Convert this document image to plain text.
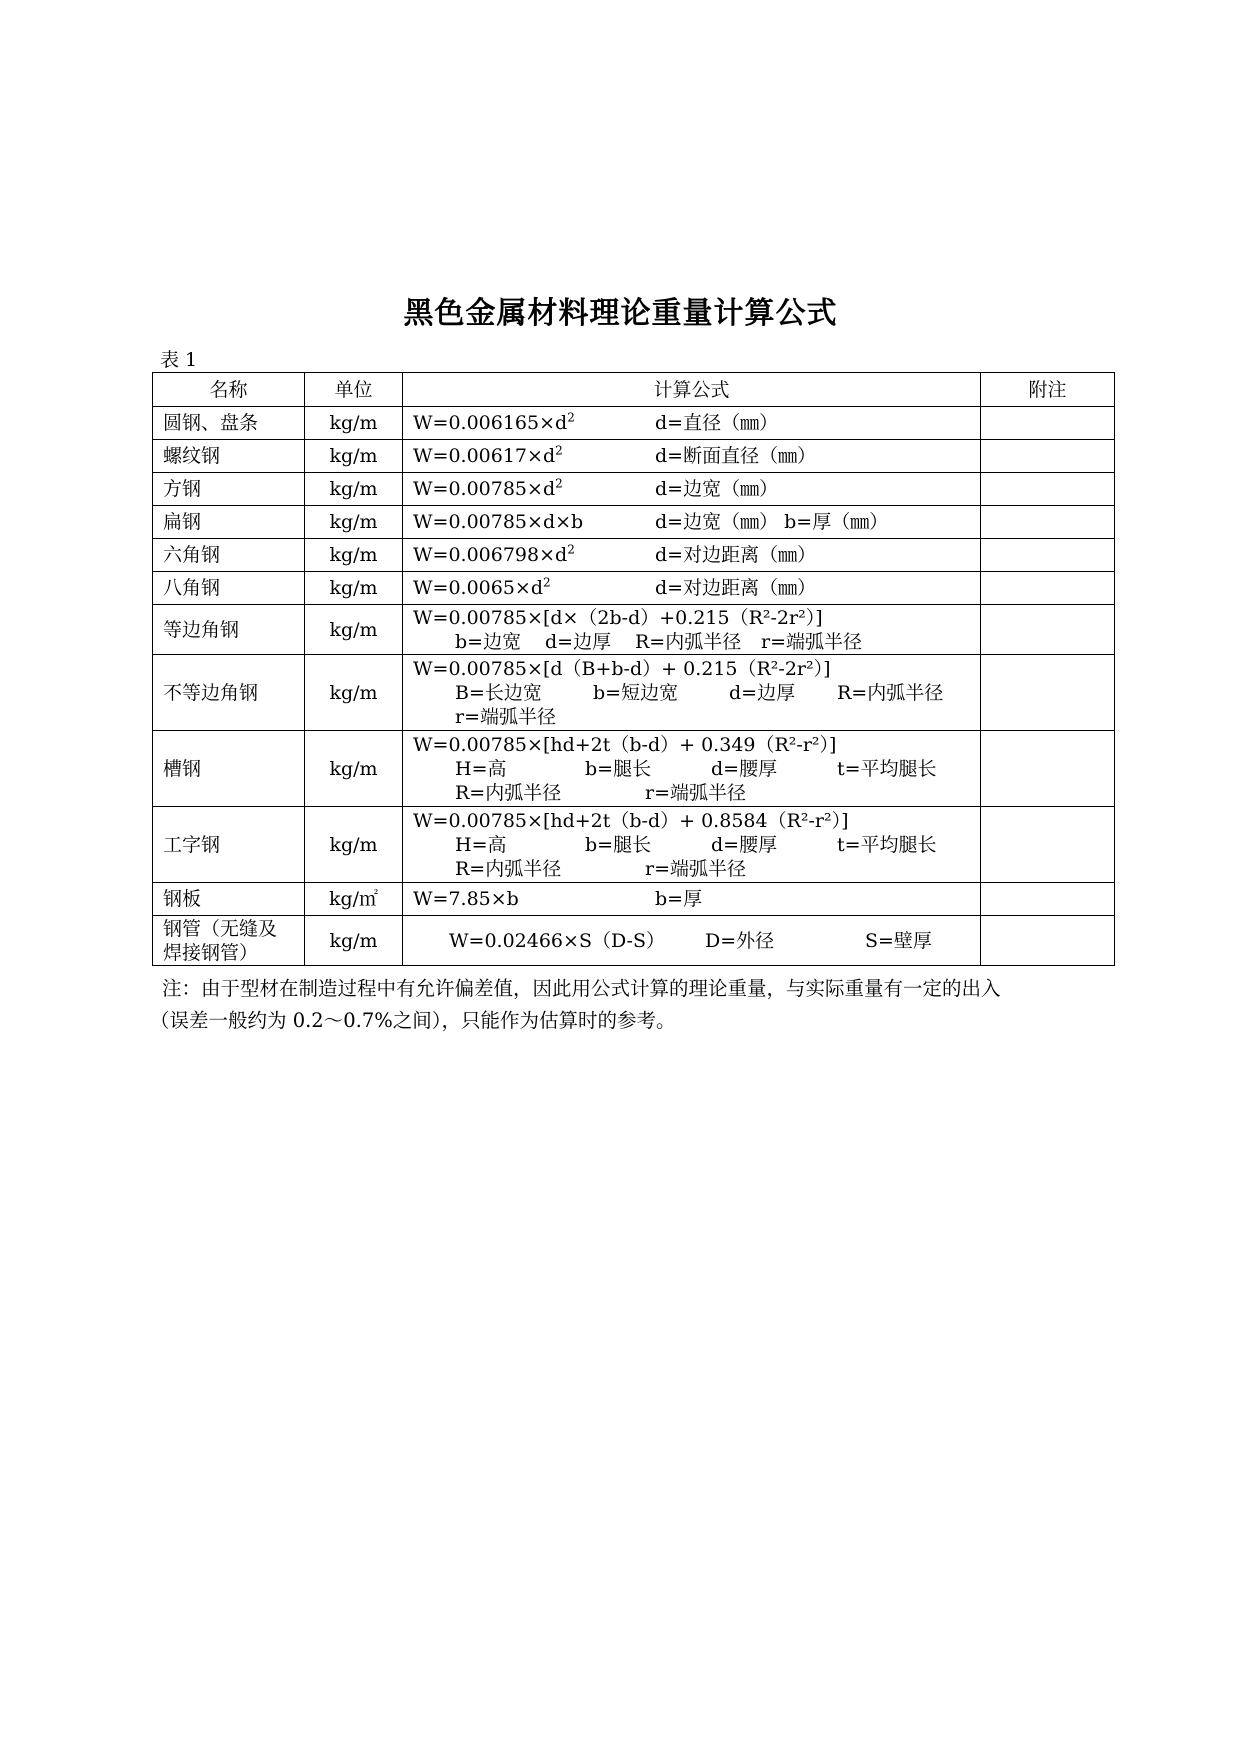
黑色金属材料理论重量计算公式
表 1
名称	单位	计算公式	附注
圆钢、盘条	kg/m	$W=0.006165\times d^2$ d=直径（㎜）	
螺纹钢	kg/m	$W=0.00617\times d^2$ d=断面直径（㎜）	
方钢	kg/m	$W=0.00785\times d^2$ d=边宽（㎜）	
扁钢	kg/m	W=0.00785×d×b d=边宽（㎜） b=厚（㎜）	
六角钢	kg/m	$W=0.006798\times d^2$ d=对边距离（㎜）	
八角钢	kg/m	$W=0.0065\times d^2$ d=对边距离（㎜）	
等边角钢	kg/m	W=0.00785×[d×（2b-d）+0.215（R²-2r²）]
b=边宽 d=边厚 R=内弧半径 r=端弧半径	

不等边角钢	kg/m	W=0.00785×[d（B+b-d）+ 0.215（R²-2r²）]
B=长边宽 b=短边宽 d=边厚 R=内弧半径
r=端弧半径	

槽钢	kg/m	W=0.00785×[hd+2t（b-d）+ 0.349（R²-r²）]
H=高 b=腿长 d=腰厚 t=平均腿长
R=内弧半径 r=端弧半径	

工字钢	kg/m	W=0.00785×[hd+2t（b-d）+ 0.8584（R²-r²）]
H=高 b=腿长 d=腰厚 t=平均腿长
R=内弧半径 r=端弧半径	

钢板	kg/㎡	W=7.85×b b=厚	

钢管（无缝及
焊接钢管）	kg/m	W=0.02466×S（D-S） D=外径 S=壁厚	
注：由于型材在制造过程中有允许偏差值，因此用公式计算的理论重量，与实际重量有一定的出入
（误差一般约为 0.2～0.7%之间），只能作为估算时的参考。
